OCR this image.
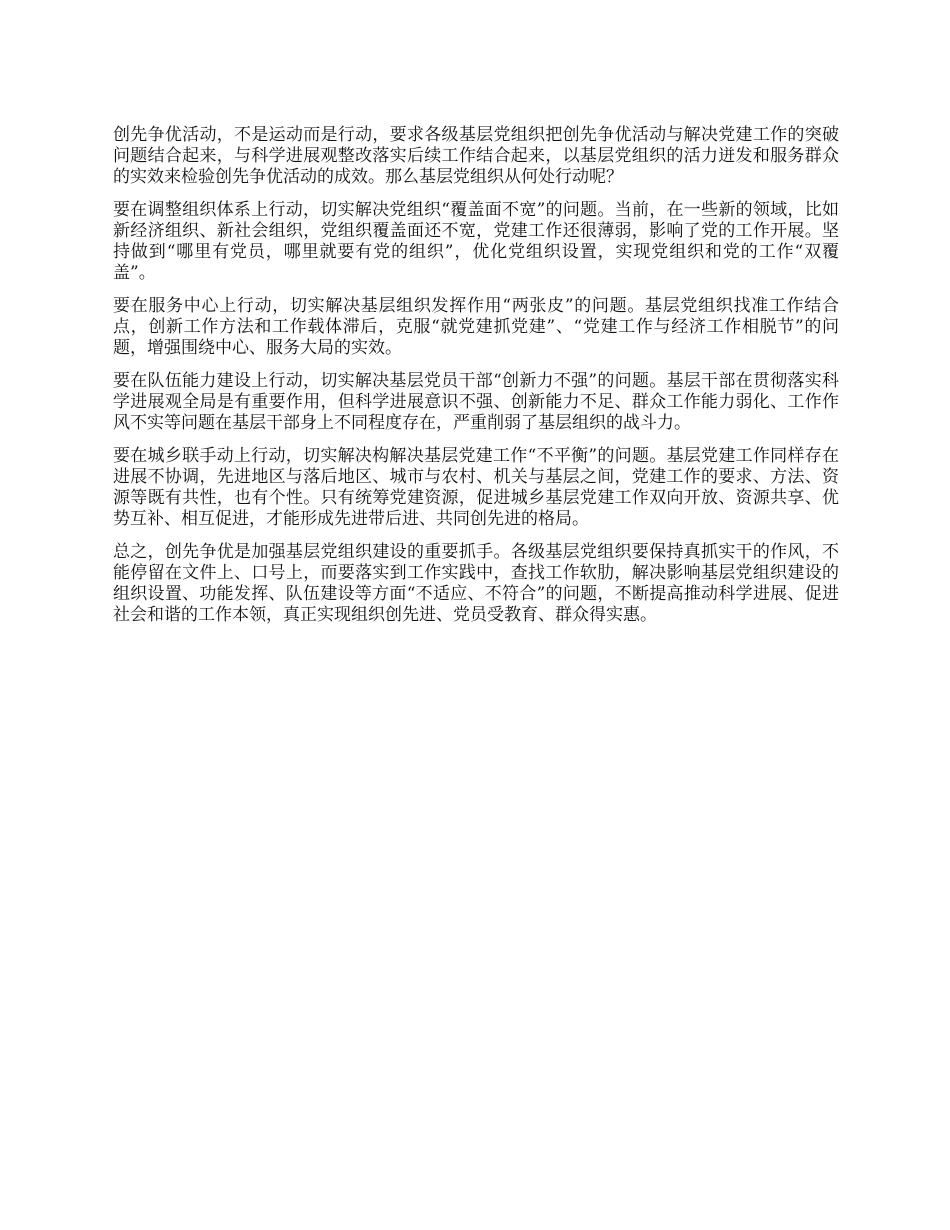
创先争优活动，不是运动而是行动，要求各级基层党组织把创先争优活动与解决党建工作的突破问题结合起来，与科学进展观整改落实后续工作结合起来，以基层党组织的活力迸发和服务群众的实效来检验创先争优活动的成效。那么基层党组织从何处行动呢？

要在调整组织体系上行动，切实解决党组织“覆盖面不宽”的问题。当前，在一些新的领域，比如新经济组织、新社会组织，党组织覆盖面还不宽，党建工作还很薄弱，影响了党的工作开展。坚持做到“哪里有党员，哪里就要有党的组织”，优化党组织设置，实现党组织和党的工作“双覆盖”。

要在服务中心上行动，切实解决基层组织发挥作用“两张皮”的问题。基层党组织找准工作结合点，创新工作方法和工作载体滞后，克服“就党建抓党建”、“党建工作与经济工作相脱节”的问题，增强围绕中心、服务大局的实效。

要在队伍能力建设上行动，切实解决基层党员干部“创新力不强”的问题。基层干部在贯彻落实科学进展观全局是有重要作用，但科学进展意识不强、创新能力不足、群众工作能力弱化、工作作风不实等问题在基层干部身上不同程度存在，严重削弱了基层组织的战斗力。

要在城乡联手动上行动，切实解决构解决基层党建工作“不平衡”的问题。基层党建工作同样存在进展不协调，先进地区与落后地区、城市与农村、机关与基层之间，党建工作的要求、方法、资源等既有共性，也有个性。只有统筹党建资源，促进城乡基层党建工作双向开放、资源共享、优势互补、相互促进，才能形成先进带后进、共同创先进的格局。

总之，创先争优是加强基层党组织建设的重要抓手。各级基层党组织要保持真抓实干的作风，不能停留在文件上、口号上，而要落实到工作实践中，查找工作软肋，解决影响基层党组织建设的组织设置、功能发挥、队伍建设等方面“不适应、不符合”的问题，不断提高推动科学进展、促进社会和谐的工作本领，真正实现组织创先进、党员受教育、群众得实惠。
